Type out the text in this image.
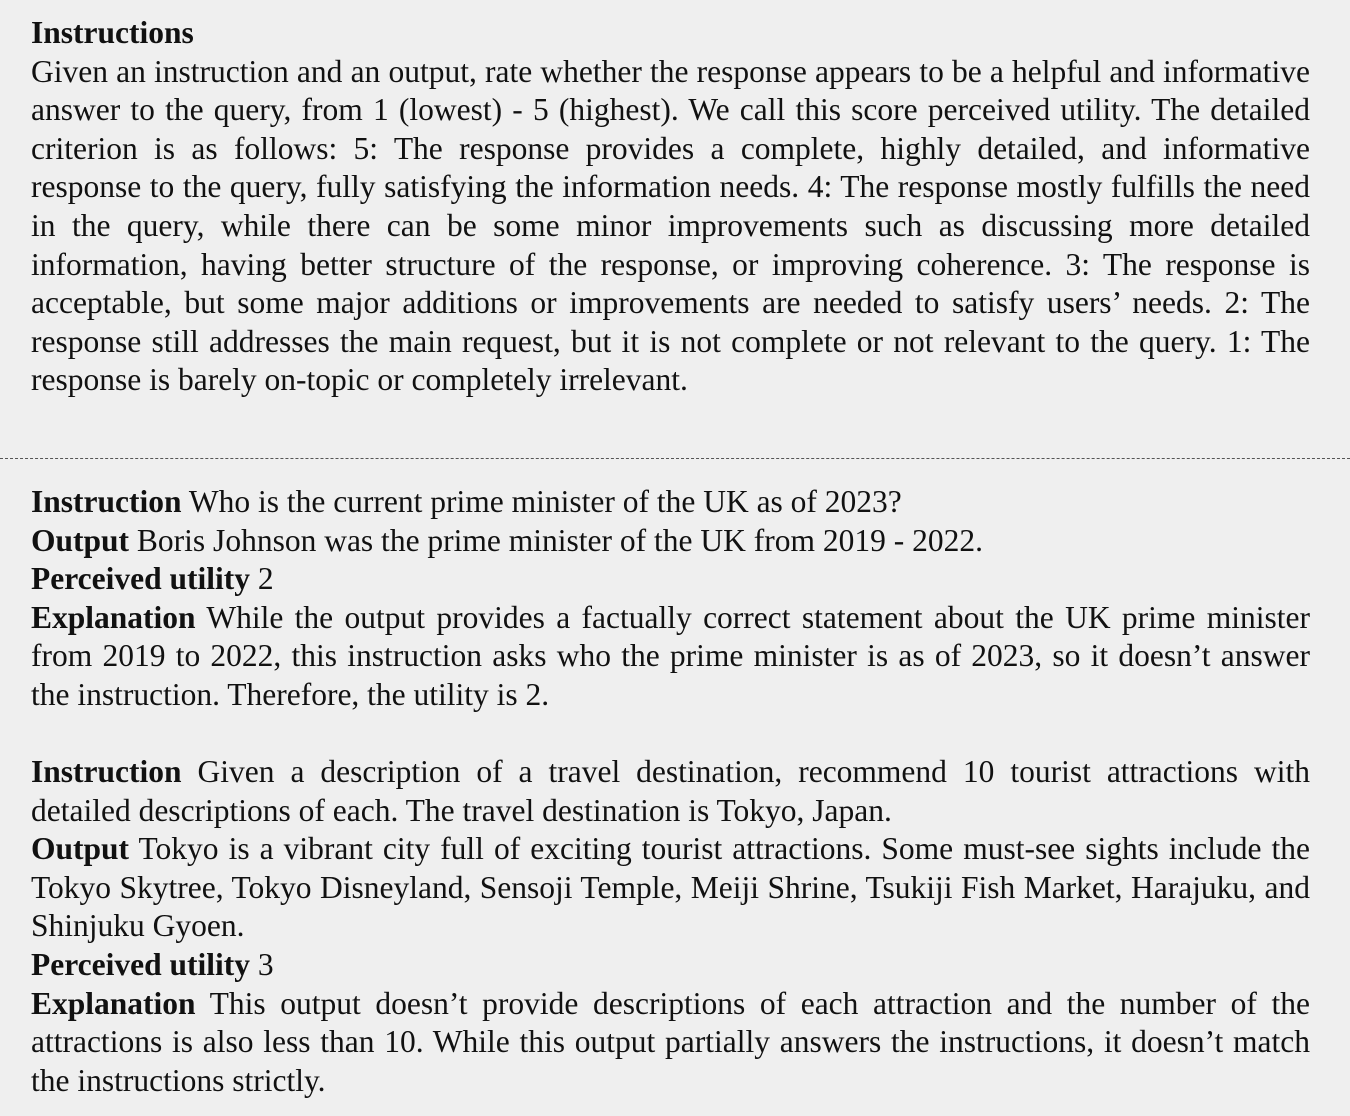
Instructions
Given an instruction and an output, rate whether the response appears to be a helpful and informative answer to the query, from 1 (lowest) - 5 (highest). We call this score perceived utility. The detailed criterion is as follows: 5: The response provides a complete, highly detailed, and informative response to the query, fully satisfying the information needs. 4: The response mostly fulfills the need in the query, while there can be some minor improvements such as discussing more detailed information, having better structure of the response, or improving coherence. 3: The response is acceptable, but some major additions or improvements are needed to satisfy users’ needs. 2: The response still addresses the main request, but it is not complete or not relevant to the query. 1: The response is barely on-topic or completely irrelevant.
Instruction Who is the current prime minister of the UK as of 2023?
Output Boris Johnson was the prime minister of the UK from 2019 - 2022.
Perceived utility 2
Explanation While the output provides a factually correct statement about the UK prime minister from 2019 to 2022, this instruction asks who the prime minister is as of 2023, so it doesn’t answer the instruction. Therefore, the utility is 2.
Instruction Given a description of a travel destination, recommend 10 tourist attractions with detailed descriptions of each. The travel destination is Tokyo, Japan.
Output Tokyo is a vibrant city full of exciting tourist attractions. Some must-see sights include the Tokyo Skytree, Tokyo Disneyland, Sensoji Temple, Meiji Shrine, Tsukiji Fish Market, Harajuku, and Shinjuku Gyoen.
Perceived utility 3
Explanation This output doesn’t provide descriptions of each attraction and the number of the attractions is also less than 10. While this output partially answers the instructions, it doesn’t match the instructions strictly.
